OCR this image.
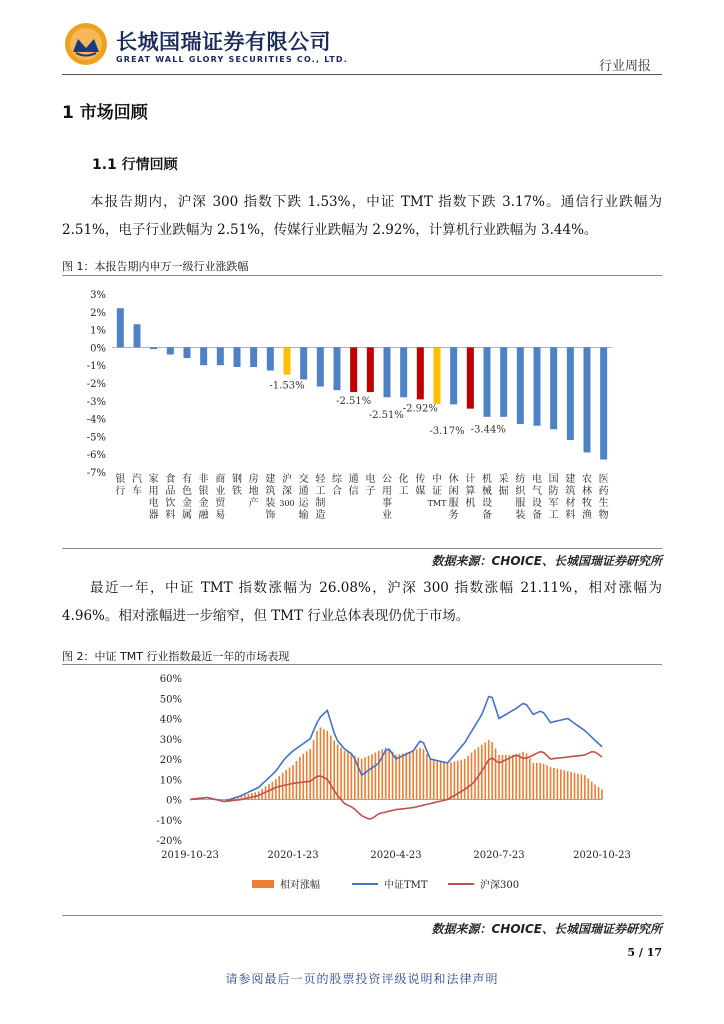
长城国瑞证券有限公司
GREAT WALL GLORY SECURITIES CO., LTD.	行业周报
1 市场回顾
1.1 行情回顾
本报告期内，沪深 300 指数下跌 1.53%，中证 TMT 指数下跌 3.17%。通信行业跌幅为 2.51%，电子行业跌幅为 2.51%，传媒行业跌幅为 2.92%，计算机行业跌幅为 3.44%。
图 1：本报告期内申万一级行业涨跌幅
3%
2%
1%
0%
-1%
-2%
-3%
-4%
-5%
-6%
-7%
银行
汽车
家用电器
食品饮料
有色金属
非银金融
商业贸易
钢铁
房地产
建筑装饰
沪深 300
交通运输
轻工制造
综合
通信
电子
公用事业
化工
传媒
中证 TMT
休闲服务
计算机
机械设备
采掘
纺织服装
电气设备
国防军工
建筑材料
农林牧渔
医药生物
-1.53%
-2.51%
-2.51%
-2.92%
-3.17% -3.44%
数据来源：CHOICE、长城国瑞证券研究所
最近一年，中证 TMT 指数涨幅为 26.08%，沪深 300 指数涨幅 21.11%，相对涨幅为 4.96%。相对涨幅进一步缩窄，但 TMT 行业总体表现仍优于市场。
图 2：中证 TMT 行业指数最近一年的市场表现
60%
50%
40%
30%
20%
10%
0%
-10%
-20%
2019-10-23	2020-1-23	2020-4-23	2020-7-23	2020-10-23
相对涨幅	中证TMT	沪深300
数据来源：CHOICE、长城国瑞证券研究所
5 / 17
请参阅最后一页的股票投资评级说明和法律声明
